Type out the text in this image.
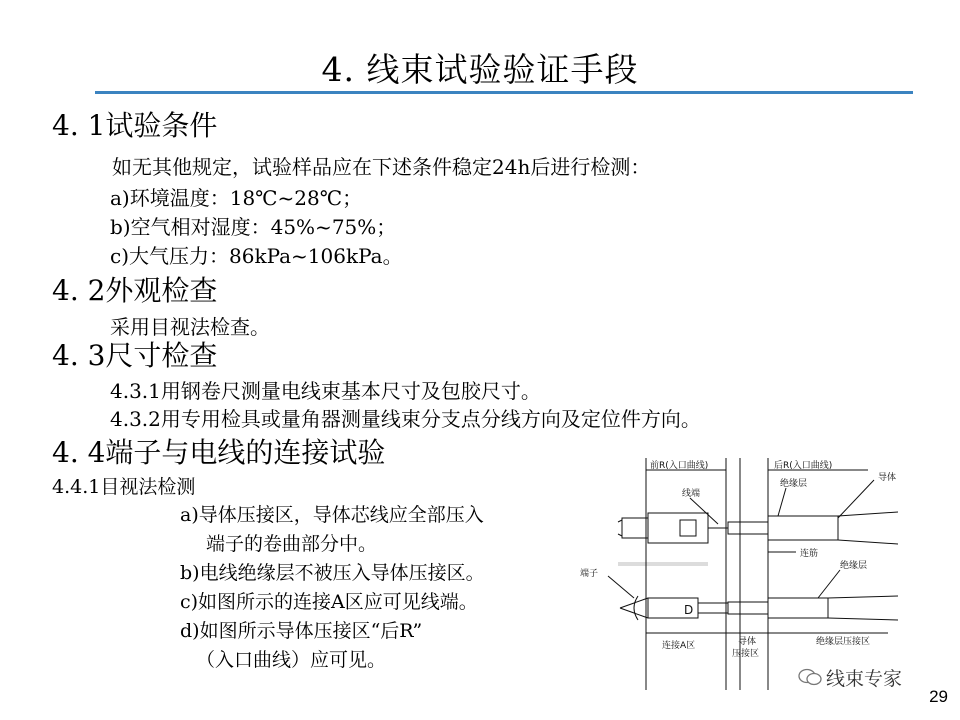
4. 线束试验验证手段
4. 1试验条件
如无其他规定，试验样品应在下述条件稳定24h后进行检测：
a)环境温度：18℃~28℃；
b)空气相对湿度：45%~75%；
c)大气压力：86kPa~106kPa。
4. 2外观检查
采用目视法检查。
4. 3尺寸检查
4.3.1用钢卷尺测量电线束基本尺寸及包胶尺寸。
4.3.2用专用检具或量角器测量线束分支点分线方向及定位件方向。
4. 4端子与电线的连接试验
4.4.1目视法检测
a)导体压接区，导体芯线应全部压入
端子的卷曲部分中。
b)电线绝缘层不被压入导体压接区。
c)如图所示的连接A区应可见线端。
d)如图所示导体压接区“后R”
（入口曲线）应可见。
前R(入口曲线)	后R(入口曲线)
导体
线端
绝缘层
端子
连筋
绝缘层
D
连接A区	导体
压接区
绝缘层压接区
线束专家
29
